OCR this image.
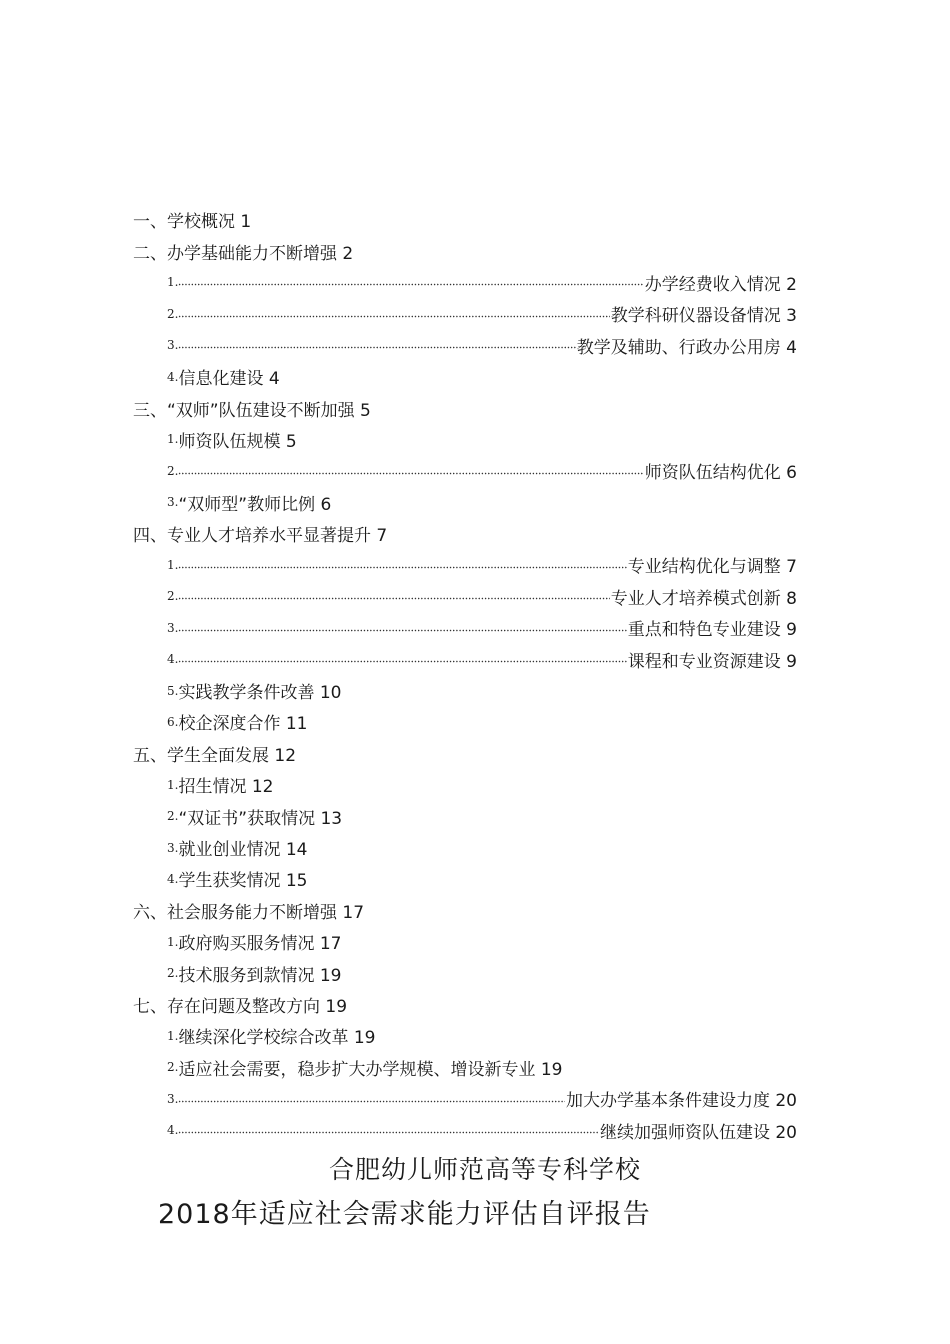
一、学校概况 1
二、办学基础能力不断增强 2
1.	办学经费收入情况 2
2.	教学科研仪器设备情况 3
3.	教学及辅助、行政办公用房 4
4. 信息化建设 4
三、“双师”队伍建设不断加强 5
1. 师资队伍规模 5
2.	师资队伍结构优化 6
3. “双师型”教师比例 6
四、专业人才培养水平显著提升 7
1.	专业结构优化与调整 7
2.	专业人才培养模式创新 8
3.	重点和特色专业建设 9
4.	课程和专业资源建设 9
5. 实践教学条件改善 10
6. 校企深度合作 11
五、学生全面发展 12
1. 招生情况 12
2. “双证书”获取情况 13
3. 就业创业情况 14
4. 学生获奖情况 15
六、社会服务能力不断增强 17
1. 政府购买服务情况 17
2. 技术服务到款情况 19
七、存在问题及整改方向 19
1. 继续深化学校综合改革 19
2. 适应社会需要，稳步扩大办学规模、增设新专业 19
3.	加大办学基本条件建设力度 20
4.	继续加强师资队伍建设 20
合肥幼儿师范高等专科学校
2018年适应社会需求能力评估自评报告
